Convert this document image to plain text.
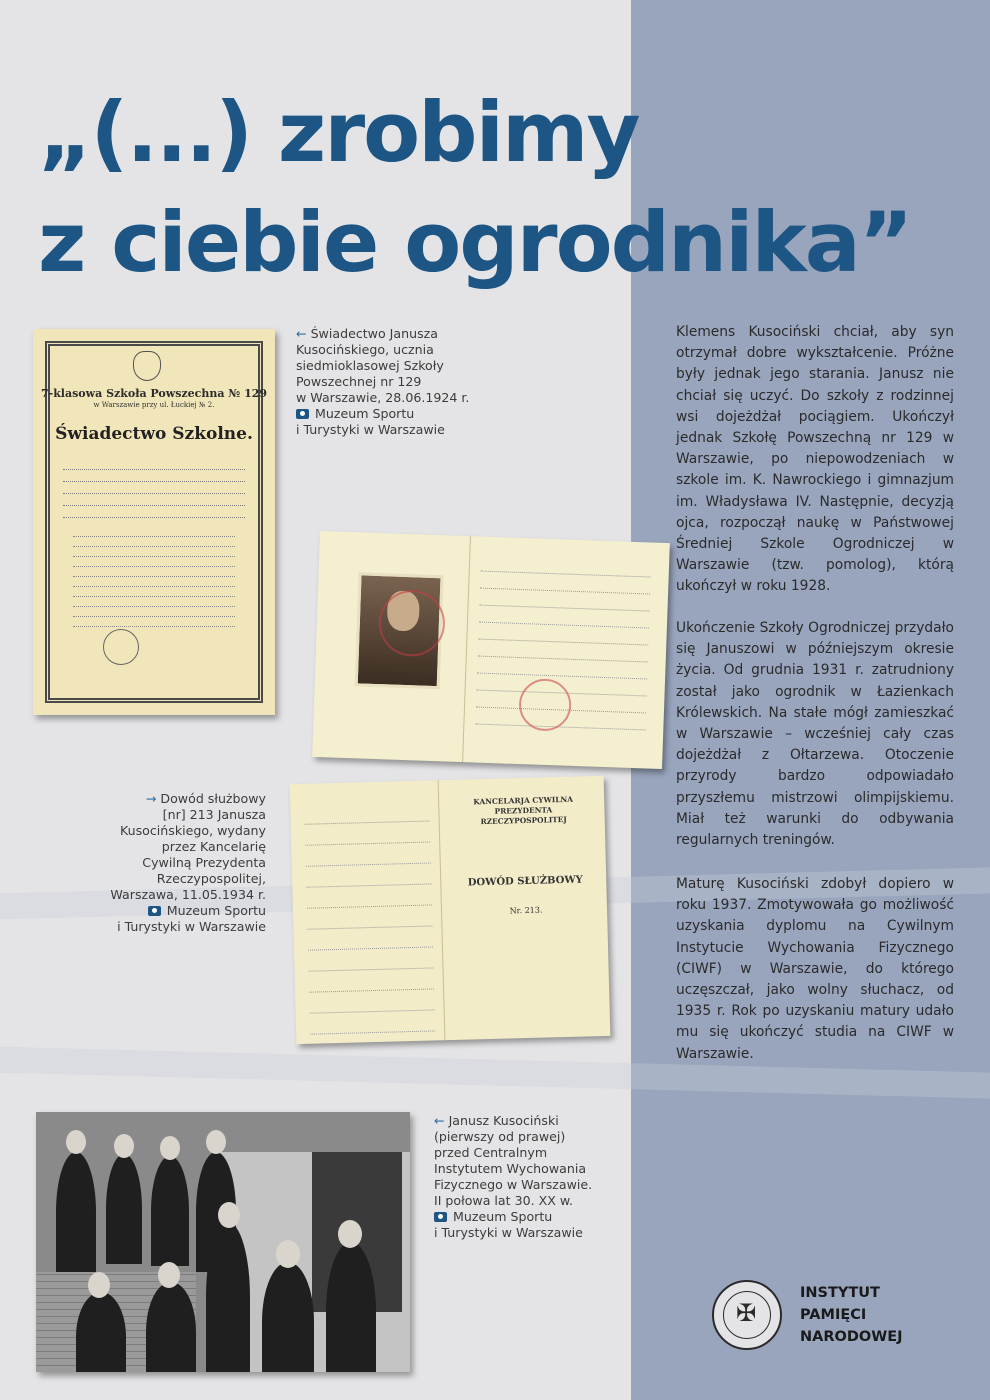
„(...) zrobimy
z ciebie ogrodnika”
7-klasowa Szkoła Powszechna № 129
w Warszawie przy ul. Łuckiej № 2.
Świadectwo Szkolne.
← Świadectwo Janusza
Kusocińskiego, ucznia
siedmioklasowej Szkoły
Powszechnej nr 129
w Warszawie, 28.06.1924 r.
Muzeum Sportu
i Turystyki w Warszawie
KANCELARJA CYWILNA PREZYDENTA RZECZYPOSPOLITEJ
DOWÓD SŁUŻBOWY
Nr. 213.
→ Dowód służbowy
[nr] 213 Janusza
Kusocińskiego, wydany
przez Kancelarię
Cywilną Prezydenta
Rzeczypospolitej,
Warszawa, 11.05.1934 r.
Muzeum Sportu
i Turystyki w Warszawie
Klemens Kusociński chciał, aby syn otrzymał dobre wykształcenie. Próżne były jednak jego starania. Janusz nie chciał się uczyć. Do szkoły z rodzinnej wsi dojeżdżał pociągiem. Ukończył jednak Szkołę Powszechną nr 129 w Warszawie, po niepowodzeniach w szkole im. K. Nawrockiego i gimnazjum im. Władysława IV. Następnie, decyzją ojca, rozpoczął naukę w Państwowej Średniej Szkole Ogrodniczej w Warszawie (tzw. pomolog), którą ukończył w roku 1928.
Ukończenie Szkoły Ogrodniczej przydało się Januszowi w późniejszym okresie życia. Od grudnia 1931 r. zatrudniony został jako ogrodnik w Łazienkach Królewskich. Na stałe mógł zamieszkać w Warszawie – wcześniej cały czas dojeżdżał z Ołtarzewa. Otoczenie przyrody bardzo odpowiadało przyszłemu mistrzowi olimpijskiemu. Miał też warunki do odbywania regularnych treningów.
Maturę Kusociński zdobył dopiero w roku 1937. Zmotywowała go możliwość uzyskania dyplomu na Cywilnym Instytucie Wychowania Fizycznego (CIWF) w Warszawie, do którego uczęszczał, jako wolny słuchacz, od 1935 r. Rok po uzyskaniu matury udało mu się ukończyć studia na CIWF w Warszawie.
← Janusz Kusociński
(pierwszy od prawej)
przed Centralnym
Instytutem Wychowania
Fizycznego w Warszawie.
II połowa lat 30. XX w.
Muzeum Sportu
i Turystyki w Warszawie
✠
INSTYTUT
PAMIĘCI
NARODOWEJ
